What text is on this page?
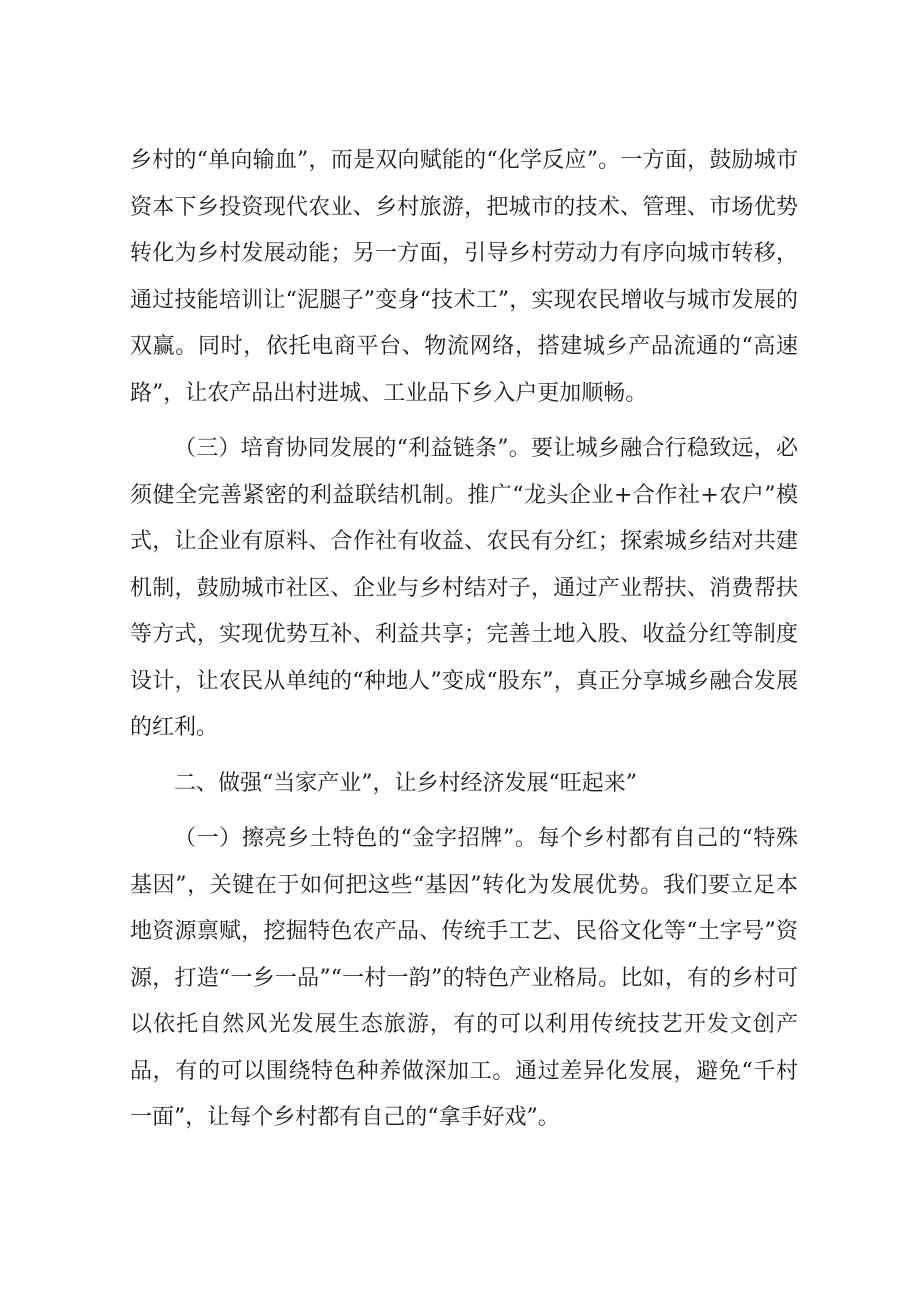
乡村的“单向输血”，而是双向赋能的“化学反应”。一方面，鼓励城市资本下乡投资现代农业、乡村旅游，把城市的技术、管理、市场优势转化为乡村发展动能；另一方面，引导乡村劳动力有序向城市转移，通过技能培训让“泥腿子”变身“技术工”，实现农民增收与城市发展的双赢。同时，依托电商平台、物流网络，搭建城乡产品流通的“高速路”，让农产品出村进城、工业品下乡入户更加顺畅。

（三）培育协同发展的“利益链条”。要让城乡融合行稳致远，必须健全完善紧密的利益联结机制。推广“龙头企业+合作社+农户”模式，让企业有原料、合作社有收益、农民有分红；探索城乡结对共建机制，鼓励城市社区、企业与乡村结对子，通过产业帮扶、消费帮扶等方式，实现优势互补、利益共享；完善土地入股、收益分红等制度设计，让农民从单纯的“种地人”变成“股东”，真正分享城乡融合发展的红利。

二、做强“当家产业”，让乡村经济发展“旺起来”

（一）擦亮乡土特色的“金字招牌”。每个乡村都有自己的“特殊基因”，关键在于如何把这些“基因”转化为发展优势。我们要立足本地资源禀赋，挖掘特色农产品、传统手工艺、民俗文化等“土字号”资源，打造“一乡一品”“一村一韵”的特色产业格局。比如，有的乡村可以依托自然风光发展生态旅游，有的可以利用传统技艺开发文创产品，有的可以围绕特色种养做深加工。通过差异化发展，避免“千村一面”，让每个乡村都有自己的“拿手好戏”。
